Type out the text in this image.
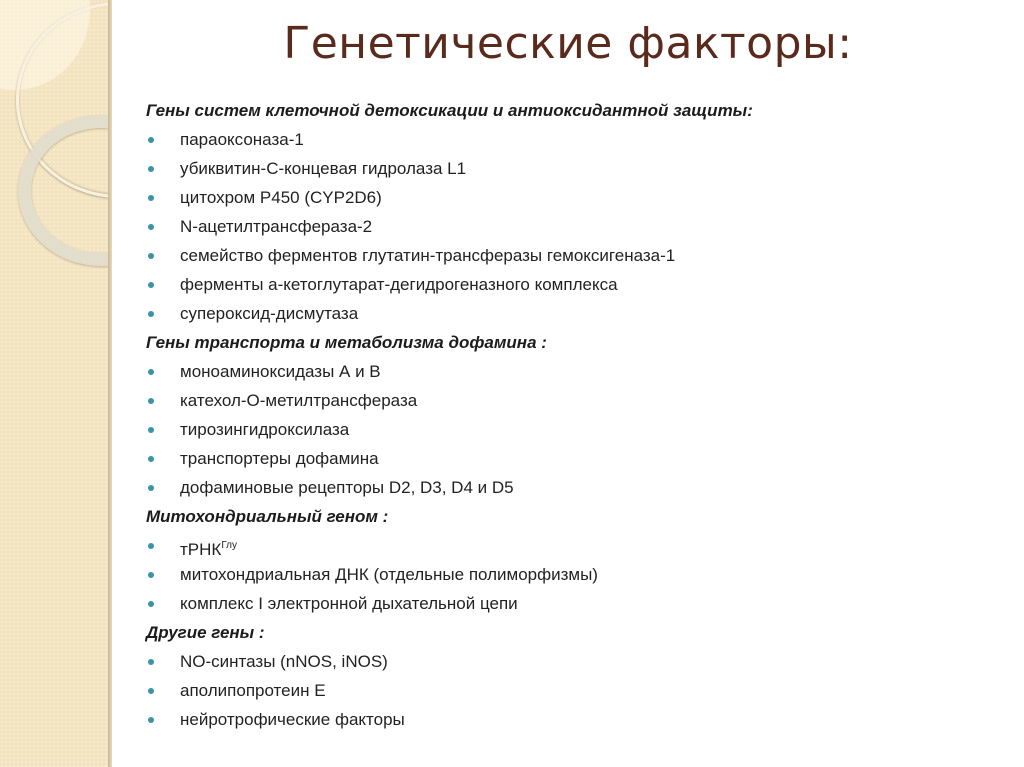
Генетические факторы:
Гены систем клеточной детоксикации и антиоксидантной защиты:
параоксоназа-1
убиквитин-С-концевая гидролаза L1
цитохром P450 (CYP2D6)
N-ацетилтрансфераза-2
семейство ферментов глутатин-трансферазы гемоксигеназа-1
ферменты а-кетоглутарат-дегидрогеназного комплекса
супероксид-дисмутаза
Гены транспорта и метаболизма дофамина :
моноаминоксидазы А и В
катехол-О-метилтрансфераза
тирозингидроксилаза
транспортеры дофамина
дофаминовые рецепторы D2, D3, D4 и D5
Митохондриальный геном :
тРНК$^{Глу}$
митохондриальная ДНК (отдельные полиморфизмы)
комплекс I электронной дыхательной цепи
Другие гены :
NO-синтазы (nNOS, iNOS)
аполипопротеин Е
нейротрофические факторы
